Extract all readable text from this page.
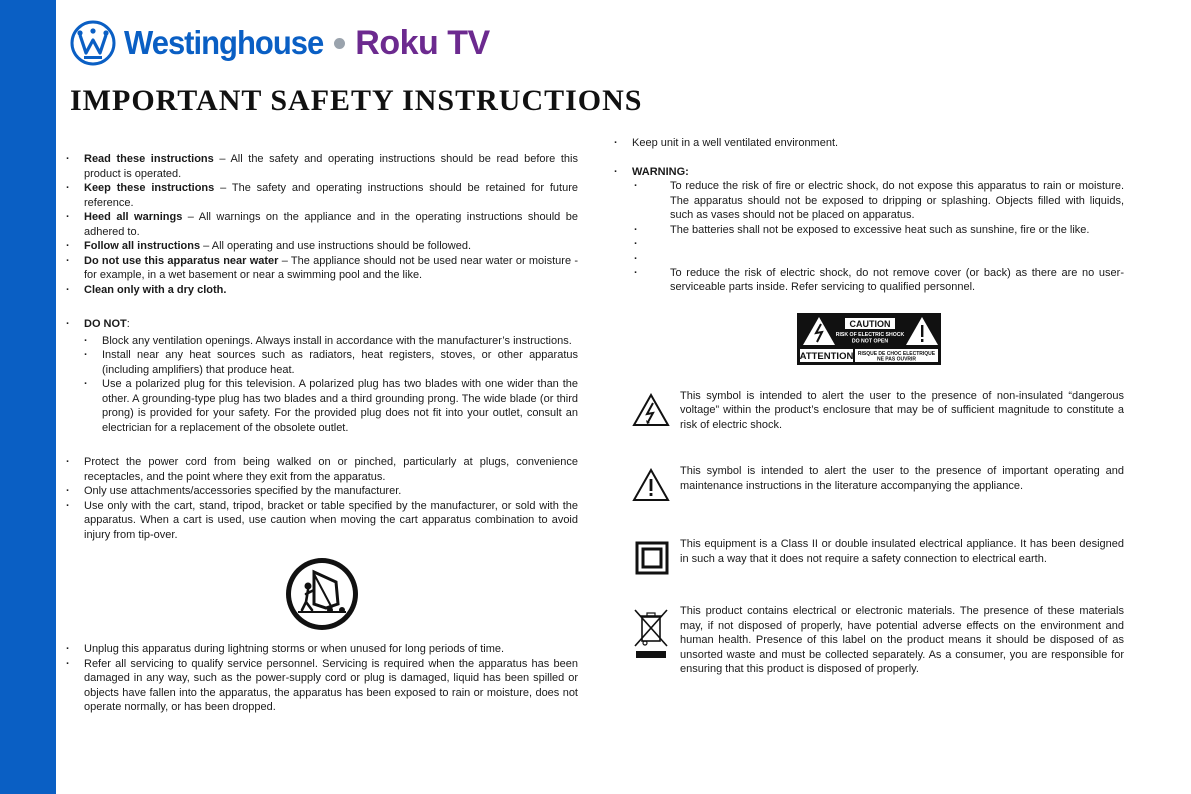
Westinghouse Roku TV
IMPORTANT SAFETY INSTRUCTIONS
· Read these instructions – All the safety and operating instructions should be read before this product is operated.
· Keep these instructions – The safety and operating instructions should be retained for future reference.
· Heed all warnings – All warnings on the appliance and in the operating instructions should be adhered to.
· Follow all instructions – All operating and use instructions should be followed.
· Do not use this apparatus near water – The appliance should not be used near water or moisture - for example, in a wet basement or near a swimming pool and the like.
· Clean only with a dry cloth.
· DO NOT:
· Block any ventilation openings. Always install in accordance with the manufacturer’s instructions.
· Install near any heat sources such as radiators, heat registers, stoves, or other apparatus (including amplifiers) that produce heat.
· Use a polarized plug for this television. A polarized plug has two blades with one wider than the other. A grounding-type plug has two blades and a third grounding prong. The wide blade (or third prong) is provided for your safety. For the provided plug does not fit into your outlet, consult an electrician for a replacement of the obsolete outlet.
· Protect the power cord from being walked on or pinched, particularly at plugs, convenience receptacles, and the point where they exit from the apparatus.
· Only use attachments/accessories specified by the manufacturer.
· Use only with the cart, stand, tripod, bracket or table specified by the manufacturer, or sold with the apparatus. When a cart is used, use caution when moving the cart apparatus combination to avoid injury from tip-over.
· Unplug this apparatus during lightning storms or when unused for long periods of time.
· Refer all servicing to qualify service personnel. Servicing is required when the apparatus has been damaged in any way, such as the power-supply cord or plug is damaged, liquid has been spilled or objects have fallen into the apparatus, the apparatus has been exposed to rain or moisture, does not operate normally, or has been dropped.
· Keep unit in a well ventilated environment.
· WARNING:
· To reduce the risk of fire or electric shock, do not expose this apparatus to rain or moisture. The apparatus should not be exposed to dripping or splashing. Objects filled with liquids, such as vases should not be placed on apparatus.
· The batteries shall not be exposed to excessive heat such as sunshine, fire or the like.
·
·
· To reduce the risk of electric shock, do not remove cover (or back) as there are no user-serviceable parts inside. Refer servicing to qualified personnel.
CAUTION
RISK OF ELECTRIC SHOCK
DO NOT OPEN
ATTENTION RISQUE DE CHOC ELECTRIQUE
NE PAS OUVRIR
This symbol is intended to alert the user to the presence of non-insulated “dangerous voltage” within the product’s enclosure that may be of sufficient magnitude to constitute a risk of electric shock.
This symbol is intended to alert the user to the presence of important operating and maintenance instructions in the literature accompanying the appliance.
This equipment is a Class II or double insulated electrical appliance. It has been designed in such a way that it does not require a safety connection to electrical earth.
This product contains electrical or electronic materials. The presence of these materials may, if not disposed of properly, have potential adverse effects on the environment and human health. Presence of this label on the product means it should be disposed of as unsorted waste and must be collected separately. As a consumer, you are responsible for ensuring that this product is disposed of properly.
